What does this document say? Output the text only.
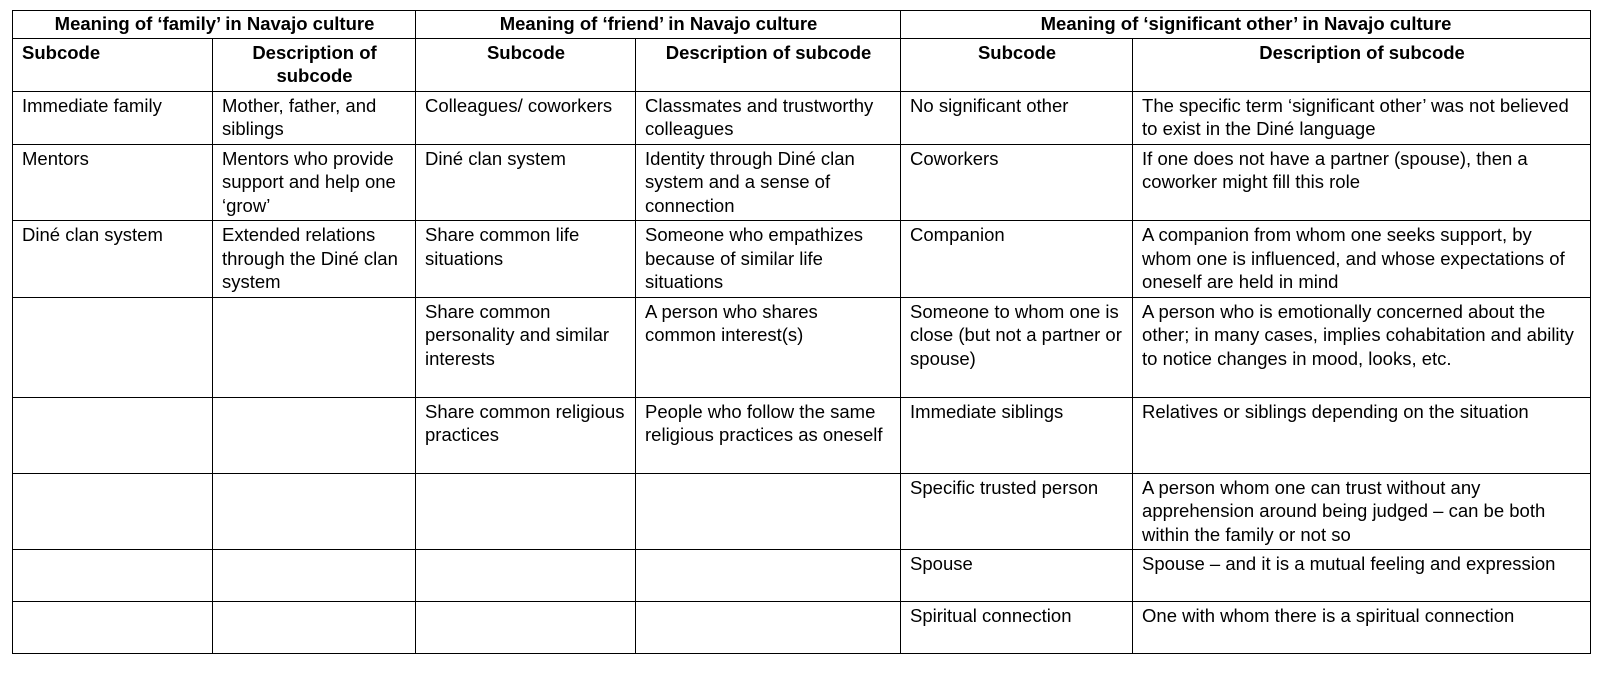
Meaning of ‘family’ in Navajo culture		Meaning of ‘friend’ in Navajo culture		Meaning of ‘significant other’ in Navajo culture	
Subcode	Description of subcode	Subcode	Description of subcode	Subcode	Description of subcode
Immediate family	Mother, father, and siblings	Colleagues/ coworkers	Classmates and trustworthy colleagues	No significant other	The specific term ‘significant other’ was not believed to exist in the Diné language
Mentors	Mentors who provide support and help one ‘grow’	Diné clan system	Identity through Diné clan system and a sense of connection	Coworkers	If one does not have a partner (spouse), then a coworker might fill this role
Diné clan system	Extended relations through the Diné clan system	Share common life situations	Someone who empathizes because of similar life situations	Companion	A companion from whom one seeks support, by whom one is influenced, and whose expectations of oneself are held in mind
		Share common personality and similar interests	A person who shares common interest(s)	Someone to whom one is close (but not a partner or spouse)	A person who is emotionally concerned about the other; in many cases, implies cohabitation and ability to notice changes in mood, looks, etc.
		Share common religious practices	People who follow the same religious practices as oneself	Immediate siblings	Relatives or siblings depending on the situation
				Specific trusted person	A person whom one can trust without any apprehension around being judged – can be both within the family or not so
				Spouse	Spouse – and it is a mutual feeling and expression
				Spiritual connection	One with whom there is a spiritual connection
